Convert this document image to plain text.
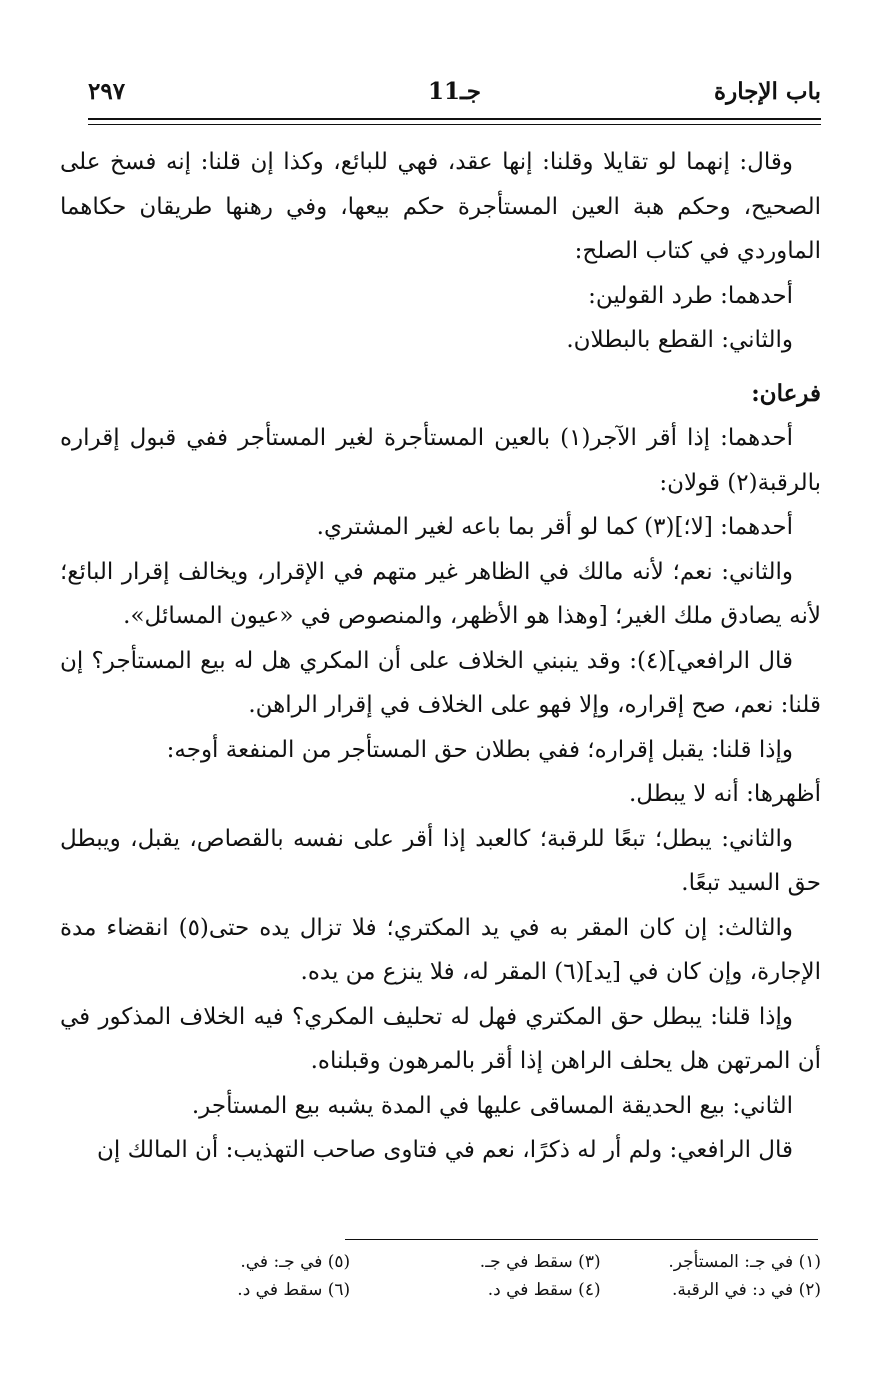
باب الإجارة
جـ11
٢٩٧

وقال: إنهما لو تقايلا وقلنا: إنها عقد، فهي للبائع، وكذا إن قلنا: إنه فسخ على الصحيح، وحكم هبة العين المستأجرة حكم بيعها، وفي رهنها طريقان حكاهما الماوردي في كتاب الصلح:

أحدهما: طرد القولين:

والثاني: القطع بالبطلان.

فرعان:

أحدهما: إذا أقر الآجر(١) بالعين المستأجرة لغير المستأجر ففي قبول إقراره بالرقبة(٢) قولان:

أحدهما: [لا؛](٣) كما لو أقر بما باعه لغير المشتري.

والثاني: نعم؛ لأنه مالك في الظاهر غير متهم في الإقرار، ويخالف إقرار البائع؛ لأنه يصادق ملك الغير؛ [وهذا هو الأظهر، والمنصوص في «عيون المسائل».

قال الرافعي](٤): وقد ينبني الخلاف على أن المكري هل له بيع المستأجر؟ إن قلنا: نعم، صح إقراره، وإلا فهو على الخلاف في إقرار الراهن.

وإذا قلنا: يقبل إقراره؛ ففي بطلان حق المستأجر من المنفعة أوجه:

أظهرها: أنه لا يبطل.

والثاني: يبطل؛ تبعًا للرقبة؛ كالعبد إذا أقر على نفسه بالقصاص، يقبل، ويبطل حق السيد تبعًا.

والثالث: إن كان المقر به في يد المكتري؛ فلا تزال يده حتى(٥) انقضاء مدة الإجارة، وإن كان في [يد](٦) المقر له، فلا ينزع من يده.

وإذا قلنا: يبطل حق المكتري فهل له تحليف المكري؟ فيه الخلاف المذكور في أن المرتهن هل يحلف الراهن إذا أقر بالمرهون وقبلناه.

الثاني: بيع الحديقة المساقى عليها في المدة يشبه بيع المستأجر.

قال الرافعي: ولم أر له ذكرًا، نعم في فتاوى صاحب التهذيب: أن المالك إن

(١) في جـ: المستأجر. (٣) سقط في جـ. (٥) في جـ: في.
(٢) في د: في الرقبة. (٤) سقط في د. (٦) سقط في د.
